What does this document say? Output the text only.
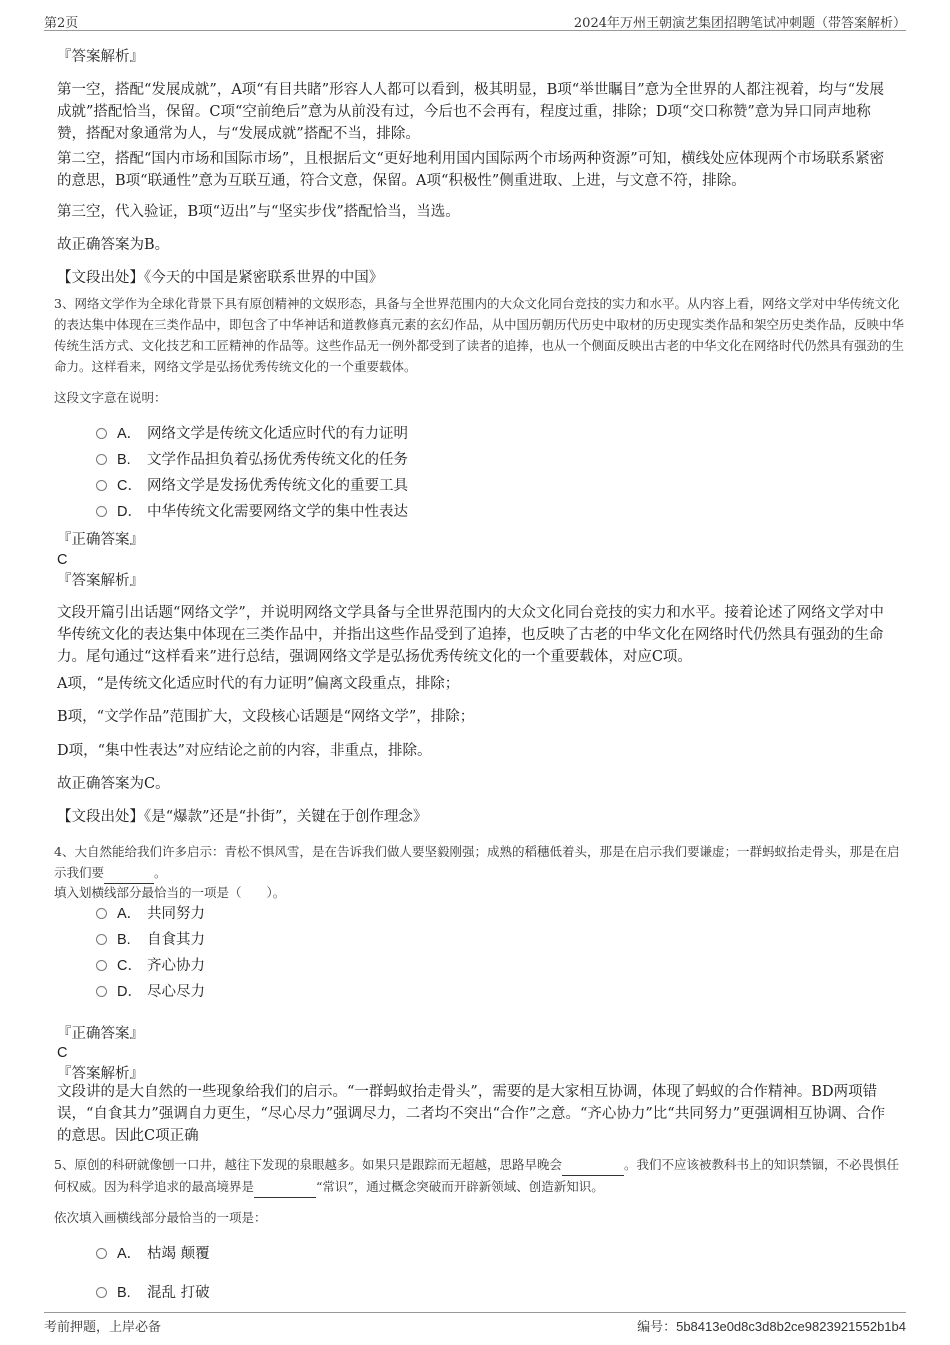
第2页	2024年万州王朝演艺集团招聘笔试冲刺题（带答案解析）
『答案解析』
第一空，搭配“发展成就”，A项“有目共睹”形容人人都可以看到，极其明显，B项“举世瞩目”意为全世界的人都注视着，均与“发展成就”搭配恰当，保留。C项“空前绝后”意为从前没有过，今后也不会再有，程度过重，排除；D项“交口称赞”意为异口同声地称赞，搭配对象通常为人，与“发展成就”搭配不当，排除。
第二空，搭配“国内市场和国际市场”，且根据后文“更好地利用国内国际两个市场两种资源”可知，横线处应体现两个市场联系紧密的意思，B项“联通性”意为互联互通，符合文意，保留。A项“积极性”侧重进取、上进，与文意不符，排除。
第三空，代入验证，B项“迈出”与“坚实步伐”搭配恰当，当选。
故正确答案为B。
【文段出处】《今天的中国是紧密联系世界的中国》
3、网络文学作为全球化背景下具有原创精神的文娱形态，具备与全世界范围内的大众文化同台竞技的实力和水平。从内容上看，网络文学对中华传统文化的表达集中体现在三类作品中，即包含了中华神话和道教修真元素的玄幻作品，从中国历朝历代历史中取材的历史现实类作品和架空历史类作品，反映中华传统生活方式、文化技艺和工匠精神的作品等。这些作品无一例外都受到了读者的追捧，也从一个侧面反映出古老的中华文化在网络时代仍然具有强劲的生命力。这样看来，网络文学是弘扬优秀传统文化的一个重要载体。
这段文字意在说明：
A． 网络文学是传统文化适应时代的有力证明
B. 文学作品担负着弘扬优秀传统文化的任务
C． 网络文学是发扬优秀传统文化的重要工具
D． 中华传统文化需要网络文学的集中性表达
『正确答案』
C
『答案解析』
文段开篇引出话题“网络文学”，并说明网络文学具备与全世界范围内的大众文化同台竞技的实力和水平。接着论述了网络文学对中华传统文化的表达集中体现在三类作品中，并指出这些作品受到了追捧，也反映了古老的中华文化在网络时代仍然具有强劲的生命力。尾句通过“这样看来”进行总结，强调网络文学是弘扬优秀传统文化的一个重要载体，对应C项。
A项，“是传统文化适应时代的有力证明”偏离文段重点，排除；
B项，“文学作品”范围扩大，文段核心话题是“网络文学”，排除；
D项，“集中性表达”对应结论之前的内容，非重点，排除。
故正确答案为C。
【文段出处】《是“爆款”还是“扑街”，关键在于创作理念》
4、大自然能给我们许多启示：青松不惧风雪，是在告诉我们做人要坚毅刚强；成熟的稻穗低着头，那是在启示我们要谦虚；一群蚂蚁抬走骨头，那是在启示我们要	。
填入划横线部分最恰当的一项是（　　）。
A． 共同努力
B. 自食其力
C． 齐心协力
D． 尽心尽力
『正确答案』
C
『答案解析』
文段讲的是大自然的一些现象给我们的启示。“一群蚂蚁抬走骨头”，需要的是大家相互协调，体现了蚂蚁的合作精神。BD两项错误，“自食其力”强调自力更生，“尽心尽力”强调尽力，二者均不突出“合作”之意。“齐心协力”比“共同努力”更强调相互协调、合作的意思。因此C项正确
5、原创的科研就像刨一口井，越往下发现的泉眼越多。如果只是跟踪而无超越，思路早晚会	。我们不应该被教科书上的知识禁锢，不必畏惧任何权威。因为科学追求的最高境界是	“常识”，通过概念突破而开辟新领域、创造新知识。
依次填入画横线部分最恰当的一项是：
A． 枯竭 颠覆
B. 混乱 打破
考前押题，上岸必备	编号：5b8413e0d8c3d8b2ce9823921552b1b4
